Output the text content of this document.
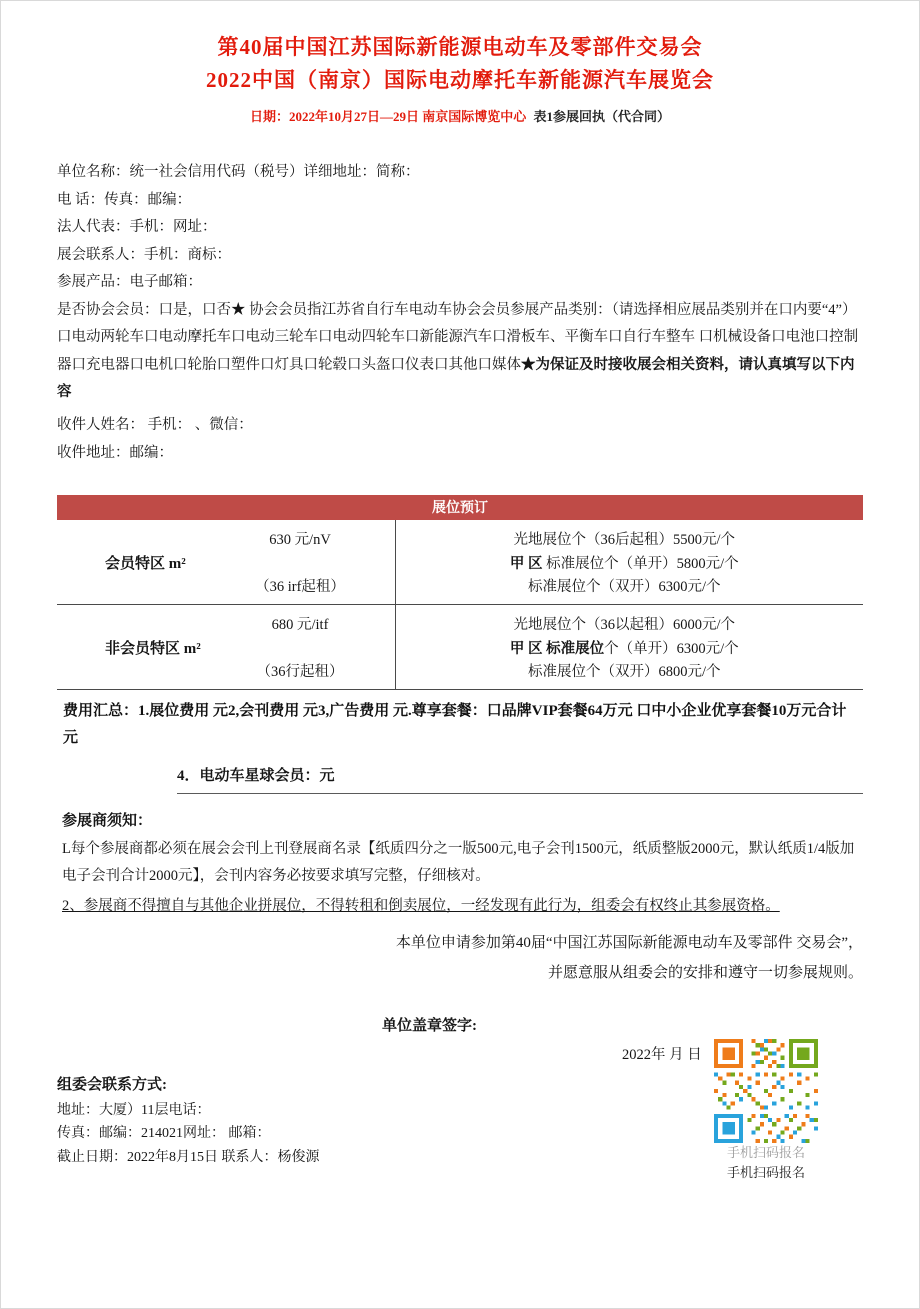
第40届中国江苏国际新能源电动车及零部件交易会
2022中国（南京）国际电动摩托车新能源汽车展览会
日期：2022年10月27日—29日 南京国际博览中心 表1参展回执（代合同）

单位名称：统一社会信用代码（税号）详细地址：简称：

电 话：传真：邮编：

法人代表：手机：网址：

展会联系人：手机：商标：

参展产品：电子邮箱：

是否协会会员：口是，口否★ 协会会员指江苏省自行车电动车协会会员参展产品类别：（请选择相应展品类别并在口内要“4”）

口电动两轮车口电动摩托车口电动三轮车口电动四轮车口新能源汽车口滑板车、平衡车口自行车整车 口机械设备口电池口控制器口充电器口电机口轮胎口塑件口灯具口轮毂口头盔口仪表口其他口媒体★为保证及时接收展会相关资料，请认真填写以下内容

收件人姓名： 手机： 、微信：

收件地址：邮编：

展位预订
会员特区 m²
630 元/nV
（36 irf起租）
光地展位个（36后起租）5500元/个
甲 区 标准展位个（单开）5800元/个
标准展位个（双开）6300元/个
非会员特区 m²
680 元/itf
（36行起租）
光地展位个（36以起租）6000元/个
甲 区 标准展位个（单开）6300元/个
标准展位个（双开）6800元/个

费用汇总：1.展位费用 元2,会刊费用 元3,广告费用 元.尊享套餐：口品牌VIP套餐64万元 口中小企业优享套餐10万元合计 元

4．电动车星球会员：元

参展商须知：

L每个参展商都必须在展会会刊上刊登展商名录【纸质四分之一版500元,电子会刊1500元，纸质整版2000元，默认纸质1/4版加电子会刊合计2000元】，会刊内容务必按要求填写完整，仔细核对。

2、参展商不得擅自与其他企业拼展位，不得转租和倒卖展位，一经发现有此行为，组委会有权终止其参展资格。

本单位申请参加第40届“中国江苏国际新能源电动车及零部件 交易会”，并愿意服从组委会的安排和遵守一切参展规则。

单位盖章签字:

2022年 月 日

组委会联系方式:

地址：大厦）11层电话：

传真：邮编：214021网址： 邮箱：

截止日期：2022年8月15日 联系人：杨俊源	手机扫码报名

手机扫码报名
